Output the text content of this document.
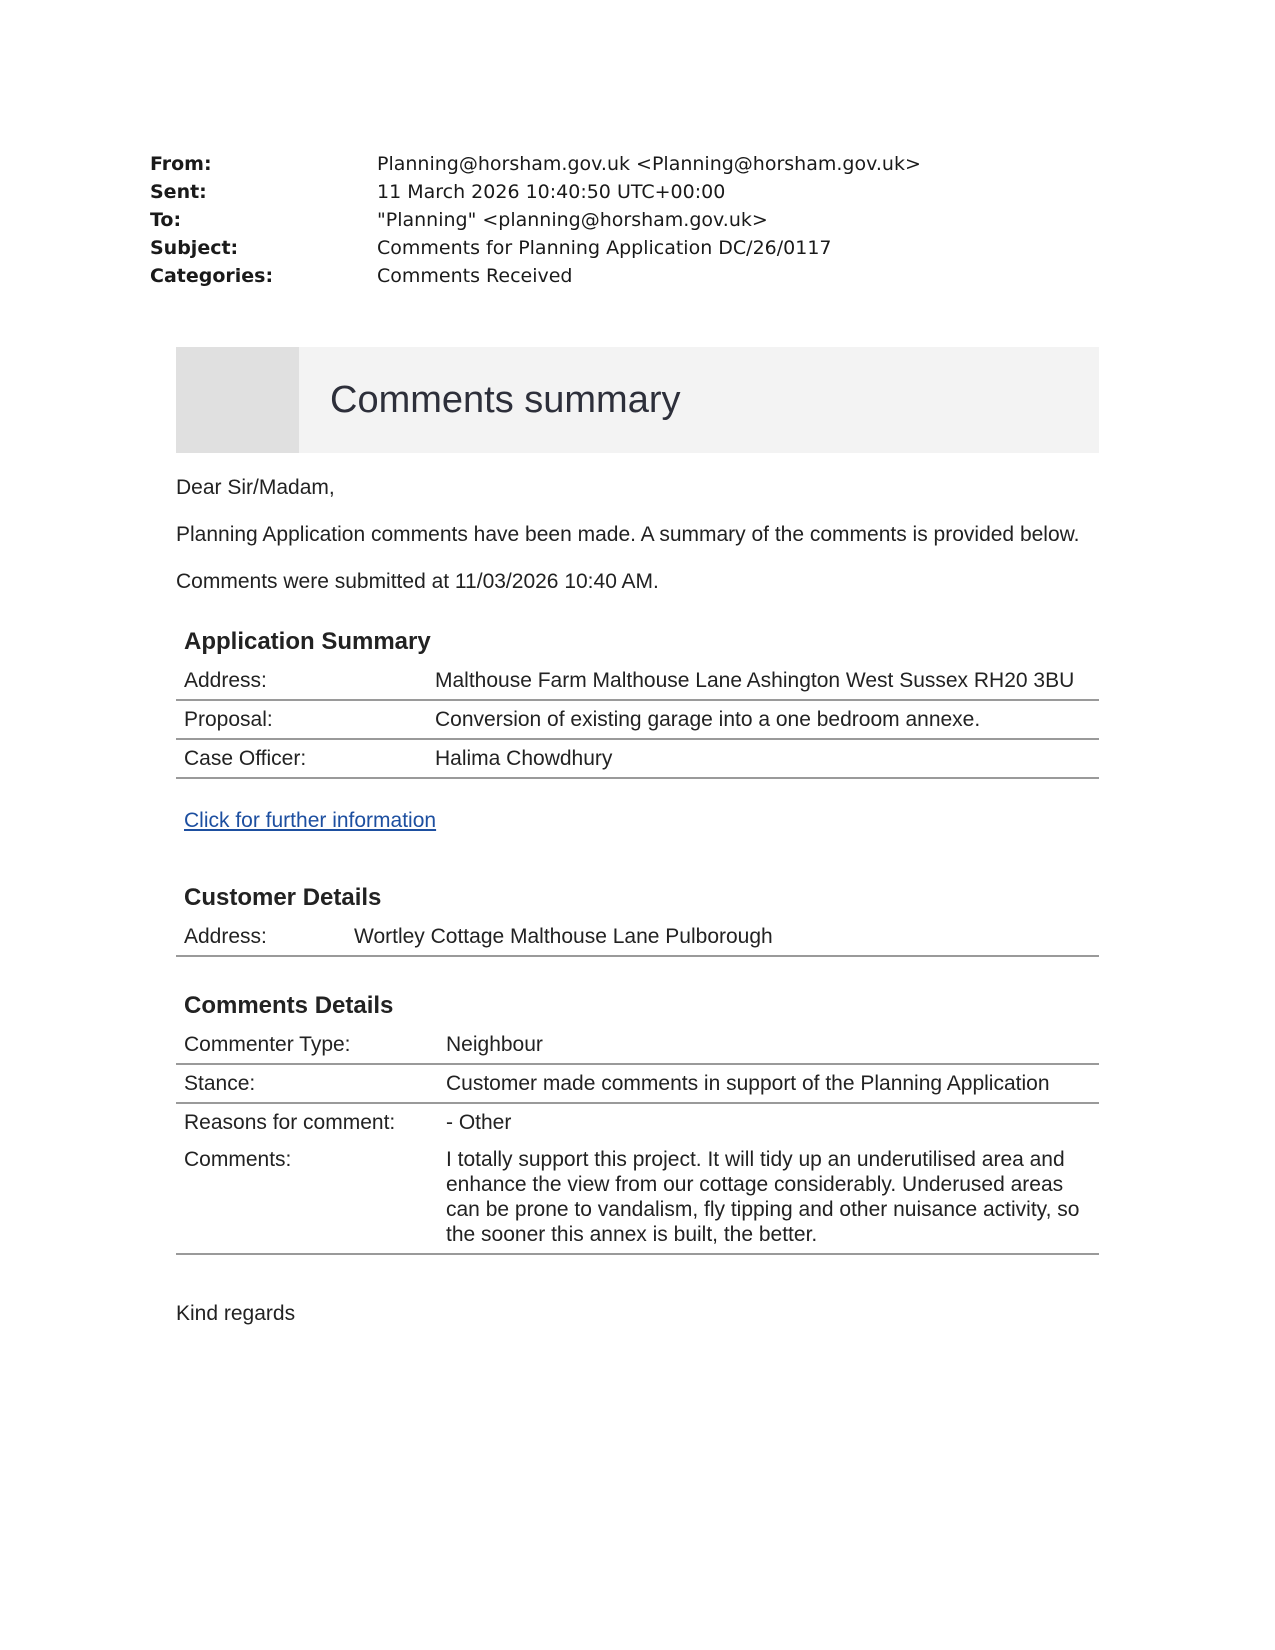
From:	Planning@horsham.gov.uk <Planning@horsham.gov.uk>
Sent:	11 March 2026 10:40:50 UTC+00:00
To:	"Planning" <planning@horsham.gov.uk>
Subject:	Comments for Planning Application DC/26/0117
Categories:	Comments Received
Comments summary

Dear Sir/Madam,

Planning Application comments have been made. A summary of the comments is provided below.

Comments were submitted at 11/03/2026 10:40 AM.

Application Summary
Address:	Malthouse Farm Malthouse Lane Ashington West Sussex RH20 3BU
Proposal:	Conversion of existing garage into a one bedroom annexe.
Case Officer:	Halima Chowdhury
Click for further information
Customer Details
Address:	Wortley Cottage Malthouse Lane Pulborough
Comments Details
Commenter Type:	Neighbour
Stance:	Customer made comments in support of the Planning Application
Reasons for comment:	- Other
Comments:	I totally support this project. It will tidy up an underutilised area and enhance the view from our cottage considerably. Underused areas can be prone to vandalism, fly tipping and other nuisance activity, so the sooner this annex is built, the better.

Kind regards
